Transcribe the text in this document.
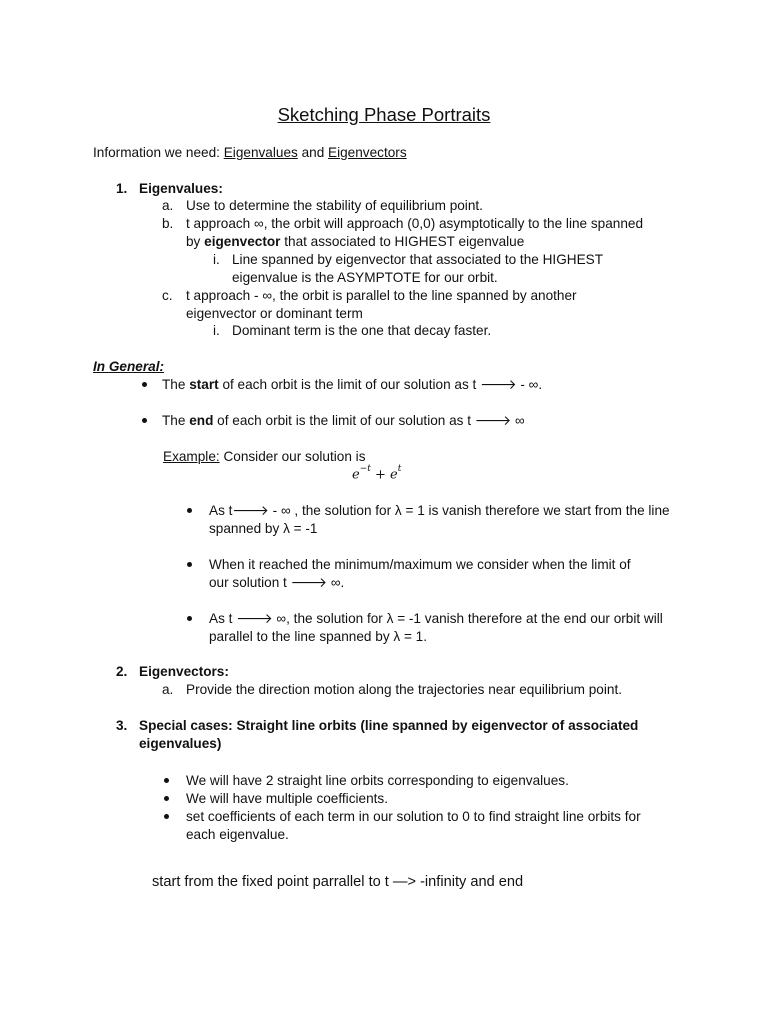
Sketching Phase Portraits
Information we need: Eigenvalues and Eigenvectors
1. Eigenvalues:
a. Use to determine the stability of equilibrium point.
b. t approach ∞, the orbit will approach (0,0) asymptotically to the line spanned
by eigenvector that associated to HIGHEST eigenvalue
i. Line spanned by eigenvector that associated to the HIGHEST
eigenvalue is the ASYMPTOTE for our orbit.
c. t approach - ∞, the orbit is parallel to the line spanned by another
eigenvector or dominant term
i. Dominant term is the one that decay faster.
In General:
The start of each orbit is the limit of our solution as t 🡒 - ∞.
The end of each orbit is the limit of our solution as t 🡒 ∞
Example: Consider our solution is
$e^{-t} + e^t$
As t🡒 - ∞ , the solution for λ = 1 is vanish therefore we start from the line
spanned by λ = -1
When it reached the minimum/maximum we consider when the limit of
our solution t 🡒 ∞.
As t 🡒 ∞, the solution for λ = -1 vanish therefore at the end our orbit will
parallel to the line spanned by λ = 1.
2. Eigenvectors:
a. Provide the direction motion along the trajectories near equilibrium point.
3. Special cases: Straight line orbits (line spanned by eigenvector of associated
eigenvalues)
We will have 2 straight line orbits corresponding to eigenvalues.
We will have multiple coefficients.
set coefficients of each term in our solution to 0 to find straight line orbits for
each eigenvalue.
start from the fixed point parrallel to t —> -infinity and end
